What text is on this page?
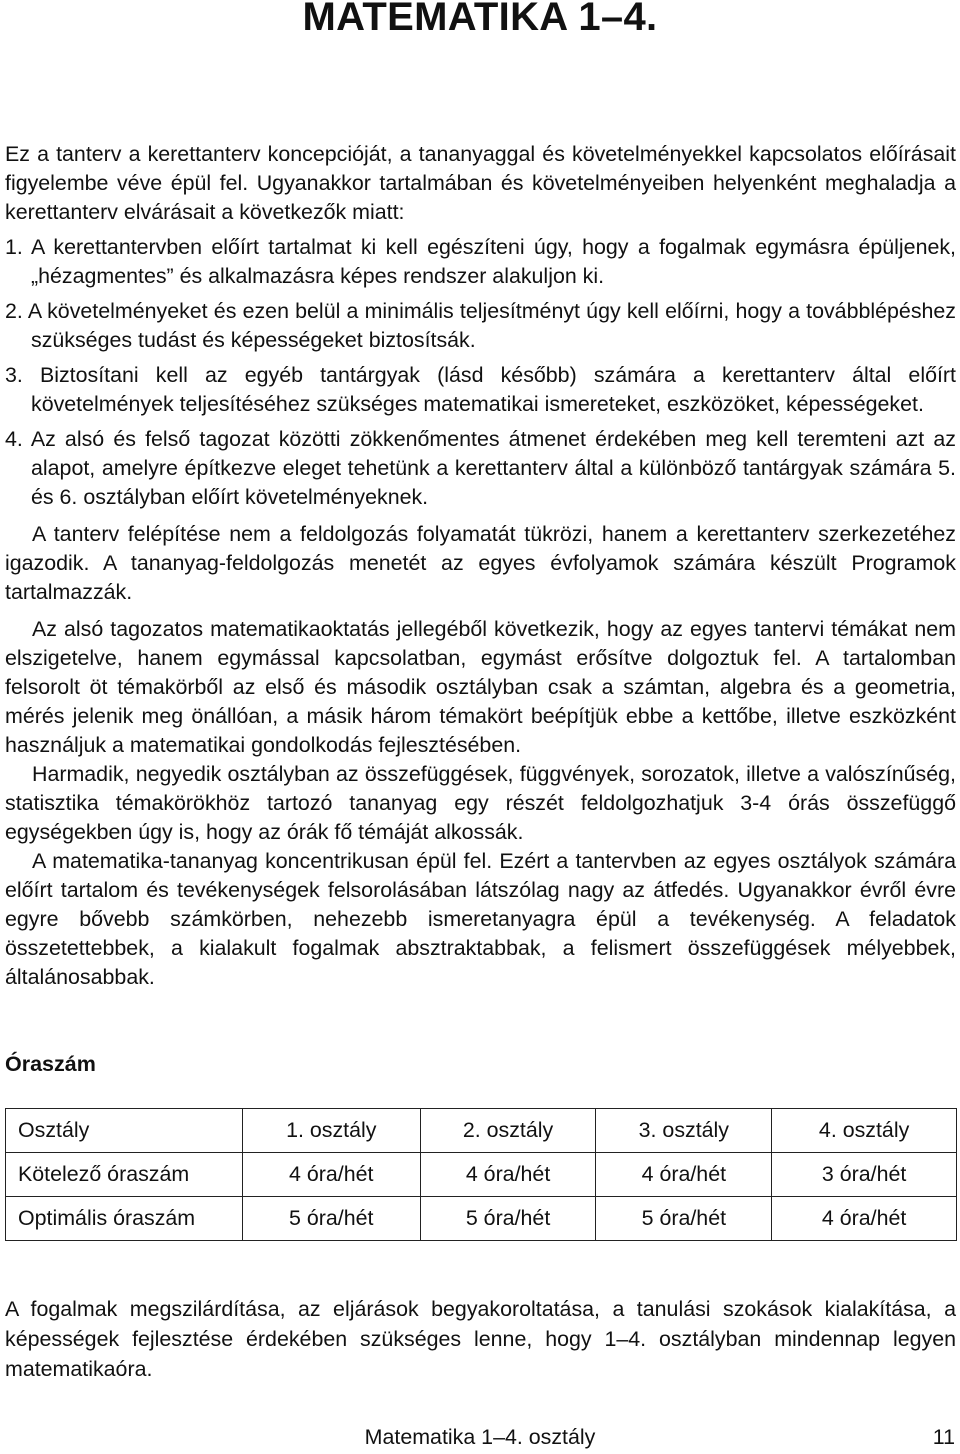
MATEMATIKA 1–4.

Ez a tanterv a kerettanterv koncepcióját, a tananyaggal és követelményekkel kapcsolatos előírásait figyelembe véve épül fel. Ugyanakkor tartalmában és követelményeiben helyenként meghaladja a kerettanterv elvárásait a következők miatt:

1. A kerettantervben előírt tartalmat ki kell egészíteni úgy, hogy a fogalmak egymásra épüljenek, „hézagmentes” és alkalmazásra képes rendszer alakuljon ki.

2. A követelményeket és ezen belül a minimális teljesítményt úgy kell előírni, hogy a továbblépéshez szükséges tudást és képességeket biztosítsák.

3. Biztosítani kell az egyéb tantárgyak (lásd később) számára a kerettanterv által előírt követelmények teljesítéséhez szükséges matematikai ismereteket, eszközöket, képességeket.

4. Az alsó és felső tagozat közötti zökkenőmentes átmenet érdekében meg kell teremteni azt az alapot, amelyre építkezve eleget tehetünk a kerettanterv által a különböző tantárgyak számára 5. és 6. osztályban előírt követelményeknek.

A tanterv felépítése nem a feldolgozás folyamatát tükrözi, hanem a kerettanterv szerkezetéhez igazodik. A tananyag-feldolgozás menetét az egyes évfolyamok számára készült Programok tartalmazzák.

Az alsó tagozatos matematikaoktatás jellegéből következik, hogy az egyes tantervi témákat nem elszigetelve, hanem egymással kapcsolatban, egymást erősítve dolgoztuk fel. A tartalomban felsorolt öt témakörből az első és második osztályban csak a számtan, algebra és a geometria, mérés jelenik meg önállóan, a másik három témakört beépítjük ebbe a kettőbe, illetve eszközként használjuk a matematikai gondolkodás fejlesztésében.

Harmadik, negyedik osztályban az összefüggések, függvények, sorozatok, illetve a valószínűség, statisztika témakörökhöz tartozó tananyag egy részét feldolgozhatjuk 3-4 órás összefüggő egységekben úgy is, hogy az órák fő témáját alkossák.

A matematika-tananyag koncentrikusan épül fel. Ezért a tantervben az egyes osztályok számára előírt tartalom és tevékenységek felsorolásában látszólag nagy az átfedés. Ugyanakkor évről évre egyre bővebb számkörben, nehezebb ismeretanyagra épül a tevékenység. A feladatok összetettebbek, a kialakult fogalmak absztraktabbak, a felismert összefüggések mélyebbek, általánosabbak.

Óraszám
Osztály	1. osztály	2. osztály	3. osztály	4. osztály
Kötelező óraszám	4 óra/hét	4 óra/hét	4 óra/hét	3 óra/hét
Optimális óraszám	5 óra/hét	5 óra/hét	5 óra/hét	4 óra/hét

A fogalmak megszilárdítása, az eljárások begyakoroltatása, a tanulási szokások kialakítása, a képességek fejlesztése érdekében szükséges lenne, hogy 1–4. osztályban mindennap legyen matematikaóra.

Matematika 1–4. osztály	11
